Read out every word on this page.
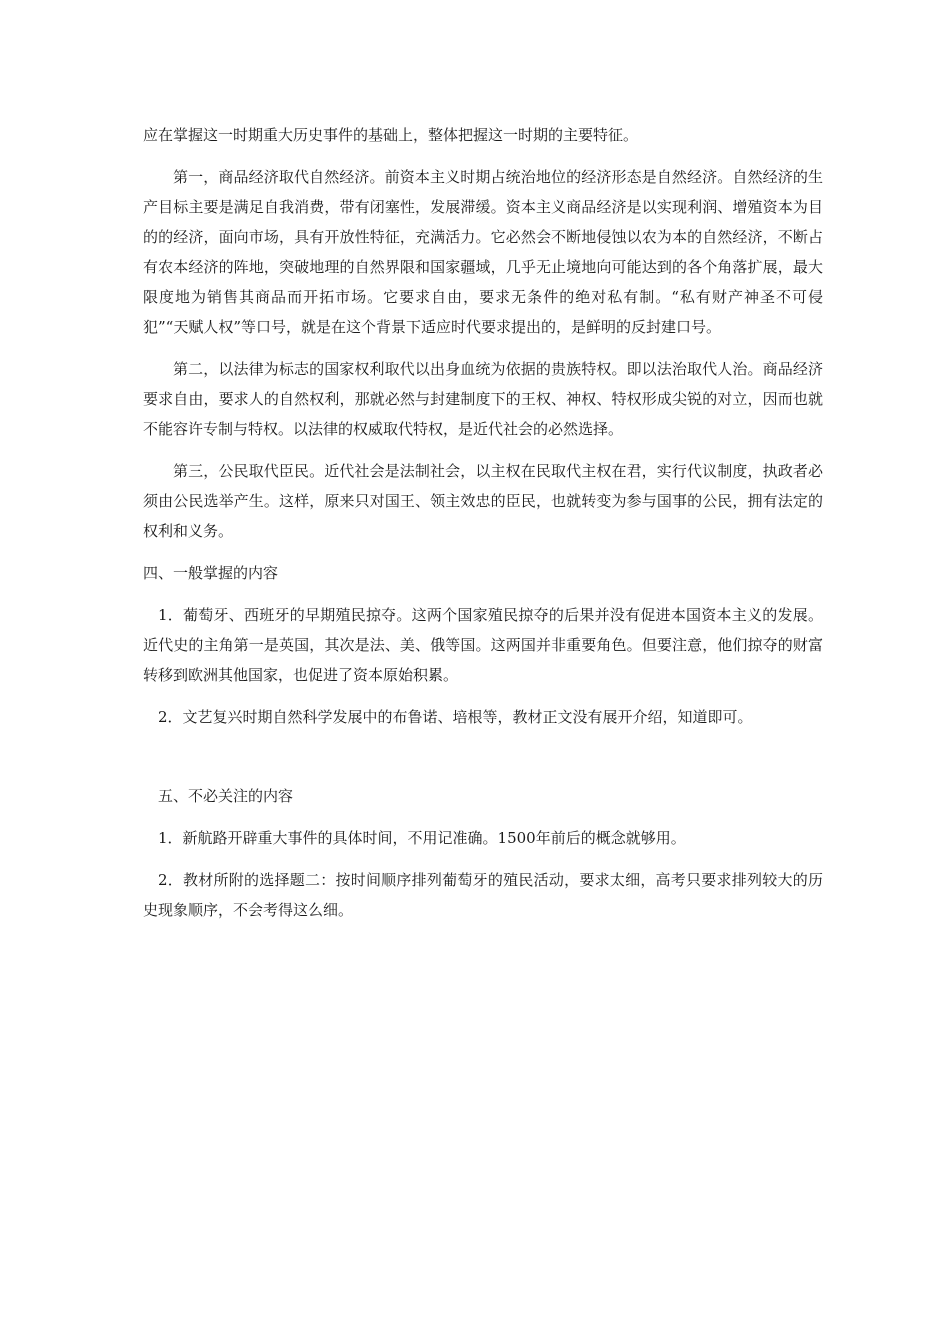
应在掌握这一时期重大历史事件的基础上，整体把握这一时期的主要特征。

第一，商品经济取代自然经济。前资本主义时期占统治地位的经济形态是自然经济。自然经济的生产目标主要是满足自我消费，带有闭塞性，发展滞缓。资本主义商品经济是以实现利润、增殖资本为目的的经济，面向市场，具有开放性特征，充满活力。它必然会不断地侵蚀以农为本的自然经济，不断占有农本经济的阵地，突破地理的自然界限和国家疆域，几乎无止境地向可能达到的各个角落扩展，最大限度地为销售其商品而开拓市场。它要求自由，要求无条件的绝对私有制。“私有财产神圣不可侵犯”“天赋人权”等口号，就是在这个背景下适应时代要求提出的，是鲜明的反封建口号。

第二，以法律为标志的国家权利取代以出身血统为依据的贵族特权。即以法治取代人治。商品经济要求自由，要求人的自然权利，那就必然与封建制度下的王权、神权、特权形成尖锐的对立，因而也就不能容许专制与特权。以法律的权威取代特权，是近代社会的必然选择。

第三，公民取代臣民。近代社会是法制社会，以主权在民取代主权在君，实行代议制度，执政者必须由公民选举产生。这样，原来只对国王、领主效忠的臣民，也就转变为参与国事的公民，拥有法定的权利和义务。

四、一般掌握的内容

1．葡萄牙、西班牙的早期殖民掠夺。这两个国家殖民掠夺的后果并没有促进本国资本主义的发展。近代史的主角第一是英国，其次是法、美、俄等国。这两国并非重要角色。但要注意，他们掠夺的财富转移到欧洲其他国家，也促进了资本原始积累。

2．文艺复兴时期自然科学发展中的布鲁诺、培根等，教材正文没有展开介绍，知道即可。

五、不必关注的内容

1．新航路开辟重大事件的具体时间，不用记准确。1500年前后的概念就够用。

2．教材所附的选择题二：按时间顺序排列葡萄牙的殖民活动，要求太细，高考只要求排列较大的历史现象顺序，不会考得这么细。
